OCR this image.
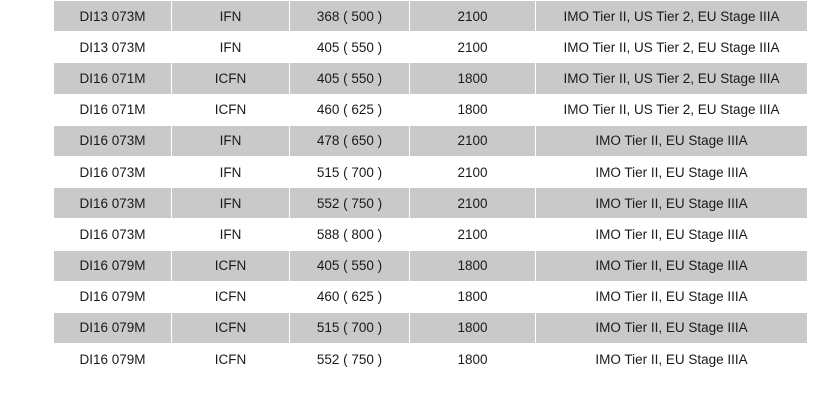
DI13 073M	IFN	368 ( 500 )	2100	IMO Tier II, US Tier 2, EU Stage IIIA
DI13 073M	IFN	405 ( 550 )	2100	IMO Tier II, US Tier 2, EU Stage IIIA
DI16 071M	ICFN	405 ( 550 )	1800	IMO Tier II, US Tier 2, EU Stage IIIA
DI16 071M	ICFN	460 ( 625 )	1800	IMO Tier II, US Tier 2, EU Stage IIIA
DI16 073M	IFN	478 ( 650 )	2100	IMO Tier II, EU Stage IIIA
DI16 073M	IFN	515 ( 700 )	2100	IMO Tier II, EU Stage IIIA
DI16 073M	IFN	552 ( 750 )	2100	IMO Tier II, EU Stage IIIA
DI16 073M	IFN	588 ( 800 )	2100	IMO Tier II, EU Stage IIIA
DI16 079M	ICFN	405 ( 550 )	1800	IMO Tier II, EU Stage IIIA
DI16 079M	ICFN	460 ( 625 )	1800	IMO Tier II, EU Stage IIIA
DI16 079M	ICFN	515 ( 700 )	1800	IMO Tier II, EU Stage IIIA
DI16 079M	ICFN	552 ( 750 )	1800	IMO Tier II, EU Stage IIIA
